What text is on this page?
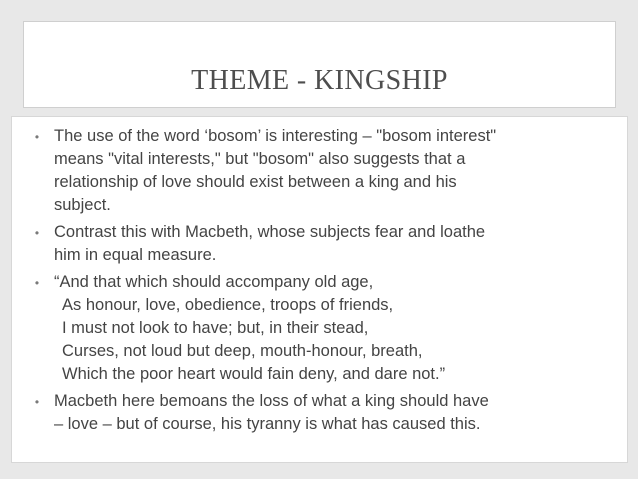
THEME - KINGSHIP
• The use of the word ‘bosom’ is interesting – "bosom interest"
means "vital interests," but "bosom" also suggests that a
relationship of love should exist between a king and his
subject.
• Contrast this with Macbeth, whose subjects fear and loathe
him in equal measure.
• “And that which should accompany old age,
As honour, love, obedience, troops of friends,
I must not look to have; but, in their stead,
Curses, not loud but deep, mouth-honour, breath,
Which the poor heart would fain deny, and dare not.”
• Macbeth here bemoans the loss of what a king should have
– love – but of course, his tyranny is what has caused this.
